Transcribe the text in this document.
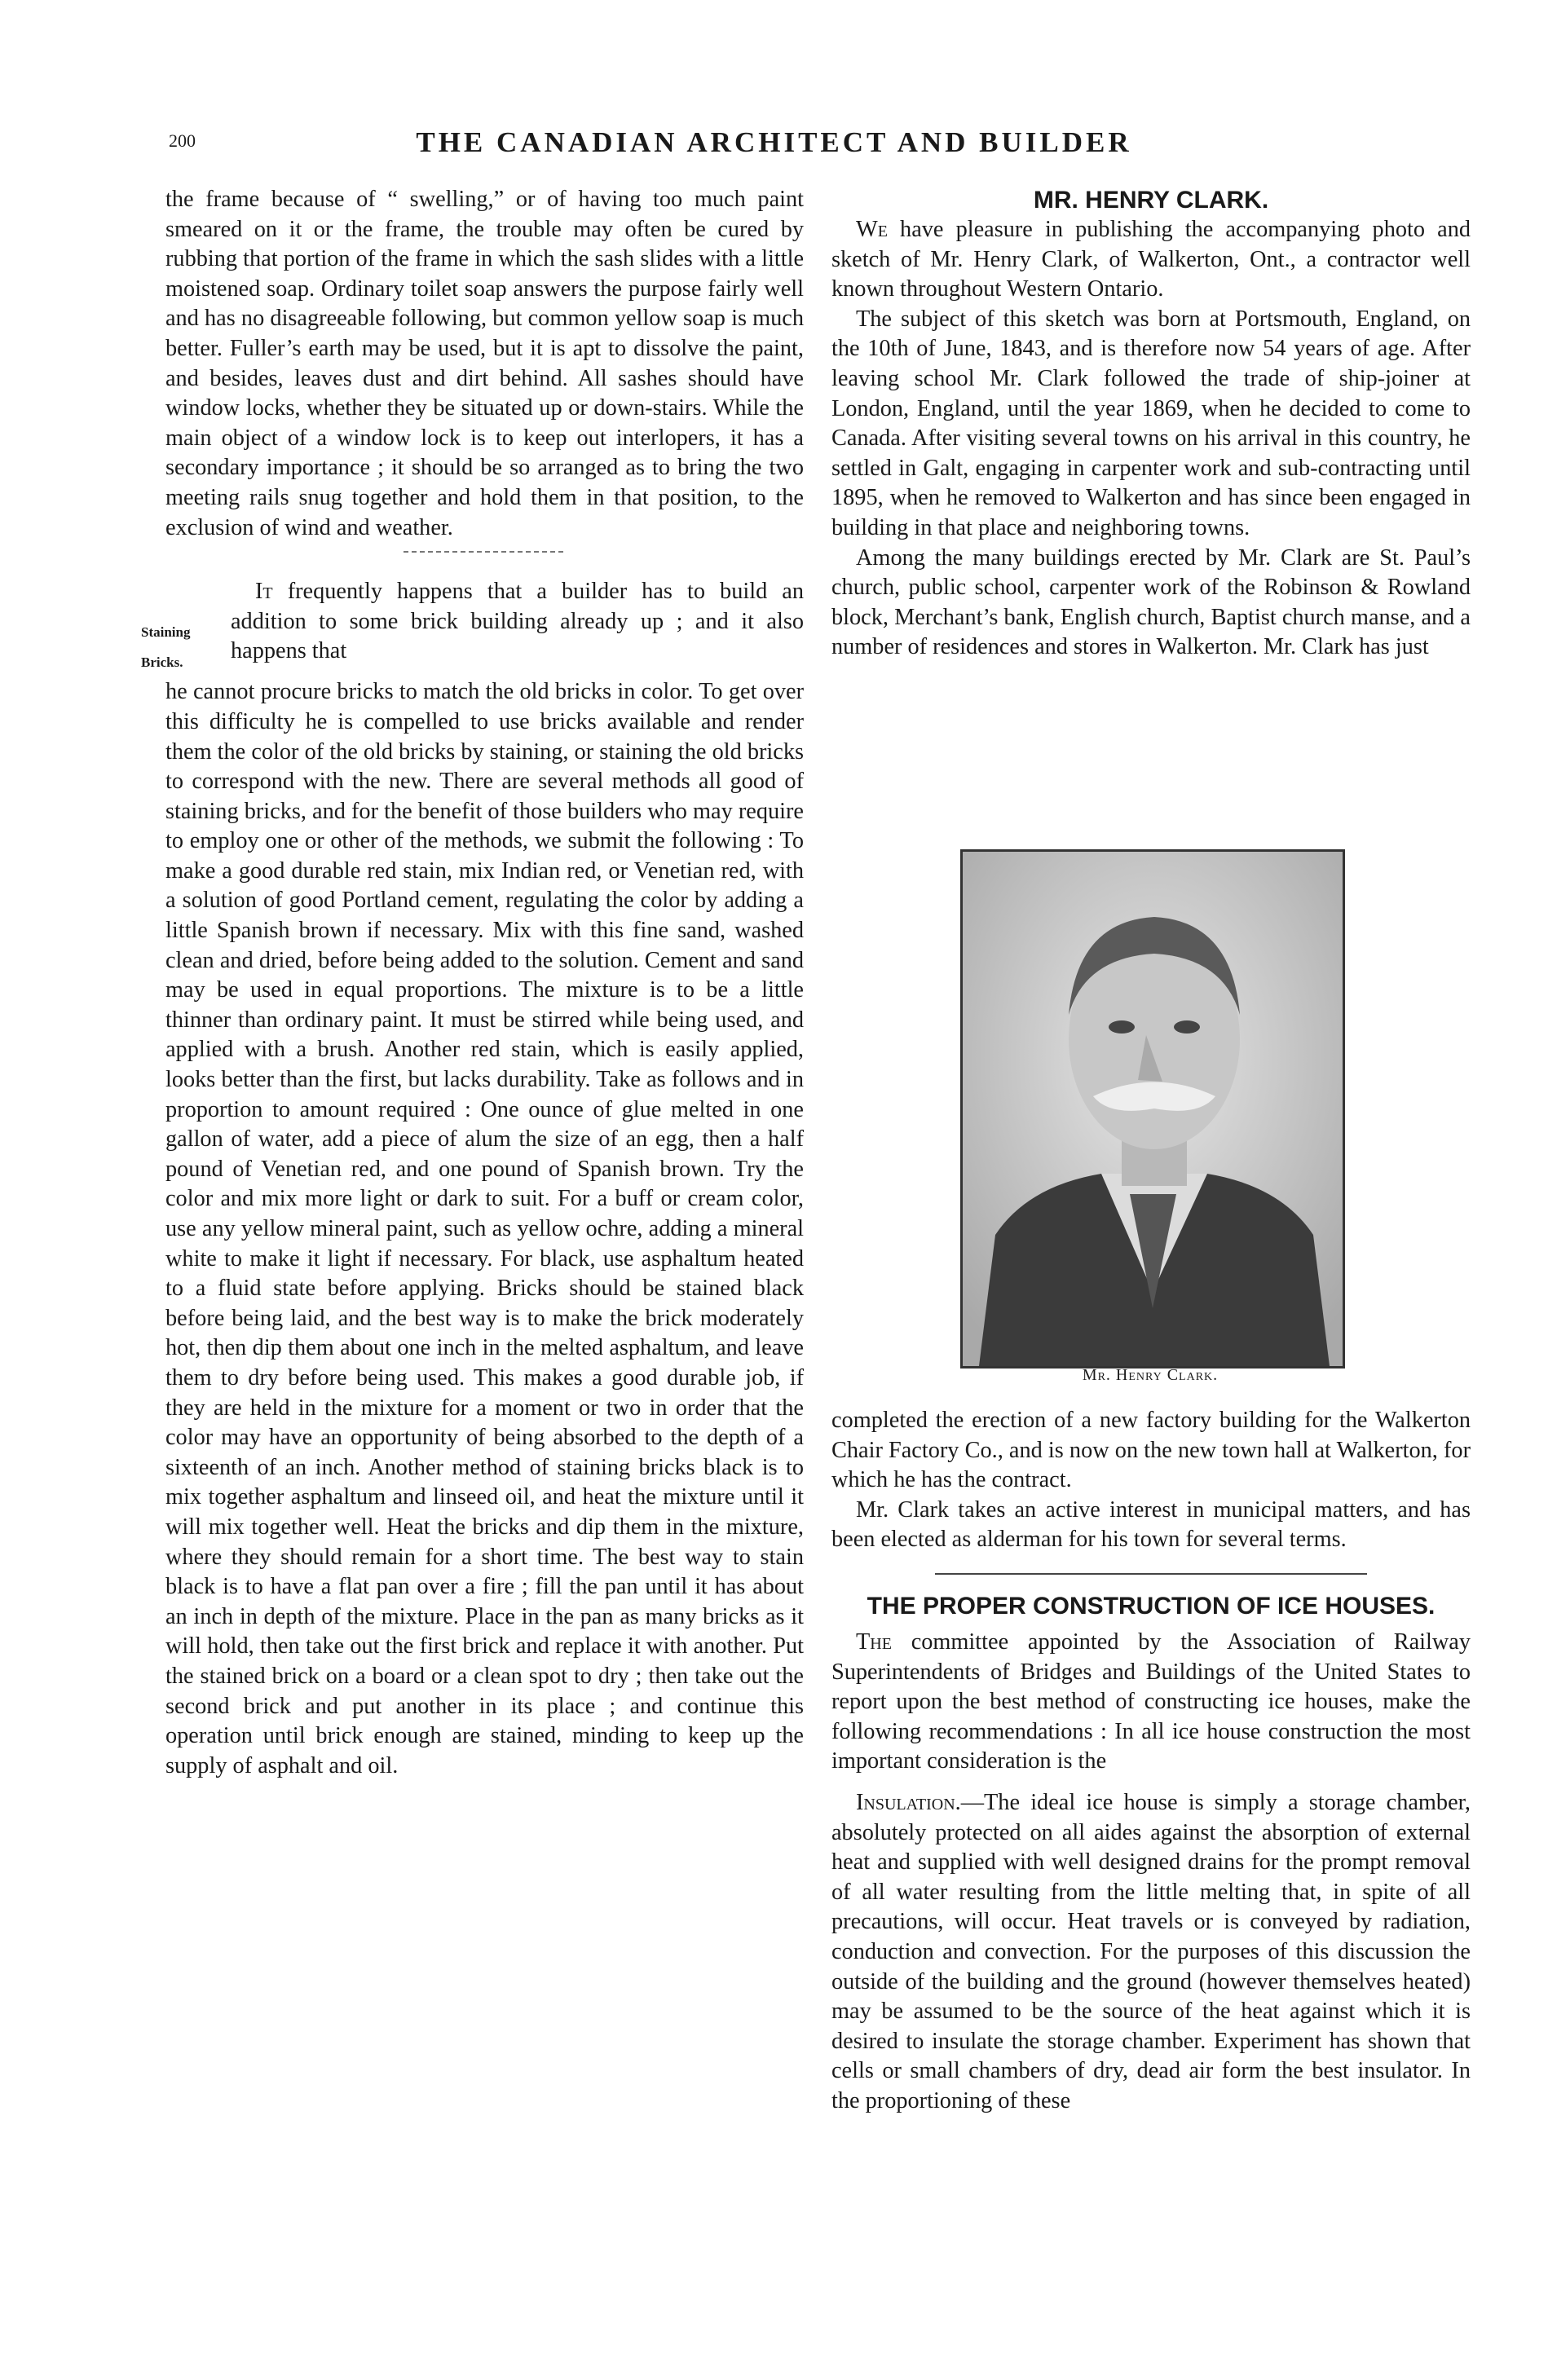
200	THE CANADIAN ARCHITECT AND BUILDER

the frame because of “ swelling,” or of having too much paint smeared on it or the frame, the trouble may often be cured by rubbing that portion of the frame in which the sash slides with a little moistened soap. Ordinary toilet soap answers the purpose fairly well and has no disagreeable following, but common yellow soap is much better. Fuller’s earth may be used, but it is apt to dissolve the paint, and besides, leaves dust and dirt behind. All sashes should have window locks, whether they be situated up or down-stairs. While the main object of a window lock is to keep out interlopers, it has a secondary importance ; it should be so arranged as to bring the two meeting rails snug together and hold them in that position, to the exclusion of wind and weather.

Staining Bricks.

It frequently happens that a builder has to build an addition to some brick building already up ; and it also happens that

he cannot procure bricks to match the old bricks in color. To get over this difficulty he is compelled to use bricks available and render them the color of the old bricks by staining, or staining the old bricks to correspond with the new. There are several methods all good of staining bricks, and for the benefit of those builders who may require to employ one or other of the methods, we submit the following : To make a good durable red stain, mix Indian red, or Venetian red, with a solution of good Portland cement, regulating the color by adding a little Spanish brown if necessary. Mix with this fine sand, washed clean and dried, before being added to the solution. Cement and sand may be used in equal proportions. The mixture is to be a little thinner than ordinary paint. It must be stirred while being used, and applied with a brush. Another red stain, which is easily applied, looks better than the first, but lacks durability. Take as follows and in proportion to amount required : One ounce of glue melted in one gallon of water, add a piece of alum the size of an egg, then a half pound of Venetian red, and one pound of Spanish brown. Try the color and mix more light or dark to suit. For a buff or cream color, use any yellow mineral paint, such as yellow ochre, adding a mineral white to make it light if necessary. For black, use asphaltum heated to a fluid state before applying. Bricks should be stained black before being laid, and the best way is to make the brick moderately hot, then dip them about one inch in the melted asphaltum, and leave them to dry before being used. This makes a good durable job, if they are held in the mixture for a moment or two in order that the color may have an opportunity of being absorbed to the depth of a sixteenth of an inch. Another method of staining bricks black is to mix together asphaltum and linseed oil, and heat the mixture until it will mix together well. Heat the bricks and dip them in the mixture, where they should remain for a short time. The best way to stain black is to have a flat pan over a fire ; fill the pan until it has about an inch in depth of the mixture. Place in the pan as many bricks as it will hold, then take out the first brick and replace it with another. Put the stained brick on a board or a clean spot to dry ; then take out the second brick and put another in its place ; and continue this operation until brick enough are stained, minding to keep up the supply of asphalt and oil.

MR. HENRY CLARK.

We have pleasure in publishing the accompanying photo and sketch of Mr. Henry Clark, of Walkerton, Ont., a contractor well known throughout Western Ontario.

The subject of this sketch was born at Portsmouth, England, on the 10th of June, 1843, and is therefore now 54 years of age. After leaving school Mr. Clark followed the trade of ship-joiner at London, England, until the year 1869, when he decided to come to Canada. After visiting several towns on his arrival in this country, he settled in Galt, engaging in carpenter work and sub-contracting until 1895, when he removed to Walkerton and has since been engaged in building in that place and neighboring towns.

Among the many buildings erected by Mr. Clark are St. Paul’s church, public school, carpenter work of the Robinson & Rowland block, Merchant’s bank, English church, Baptist church manse, and a number of residences and stores in Walkerton. Mr. Clark has just

Mr. Henry Clark.

completed the erection of a new factory building for the Walkerton Chair Factory Co., and is now on the new town hall at Walkerton, for which he has the contract.

Mr. Clark takes an active interest in municipal matters, and has been elected as alderman for his town for several terms.

THE PROPER CONSTRUCTION OF ICE HOUSES.

The committee appointed by the Association of Railway Superintendents of Bridges and Buildings of the United States to report upon the best method of constructing ice houses, make the following recommendations : In all ice house construction the most important consideration is the

Insulation.—The ideal ice house is simply a storage chamber, absolutely protected on all aides against the absorption of external heat and supplied with well designed drains for the prompt removal of all water resulting from the little melting that, in spite of all precautions, will occur. Heat travels or is conveyed by radiation, conduction and convection. For the purposes of this discussion the outside of the building and the ground (however themselves heated) may be assumed to be the source of the heat against which it is desired to insulate the storage chamber. Experiment has shown that cells or small chambers of dry, dead air form the best insulator. In the proportioning of these
